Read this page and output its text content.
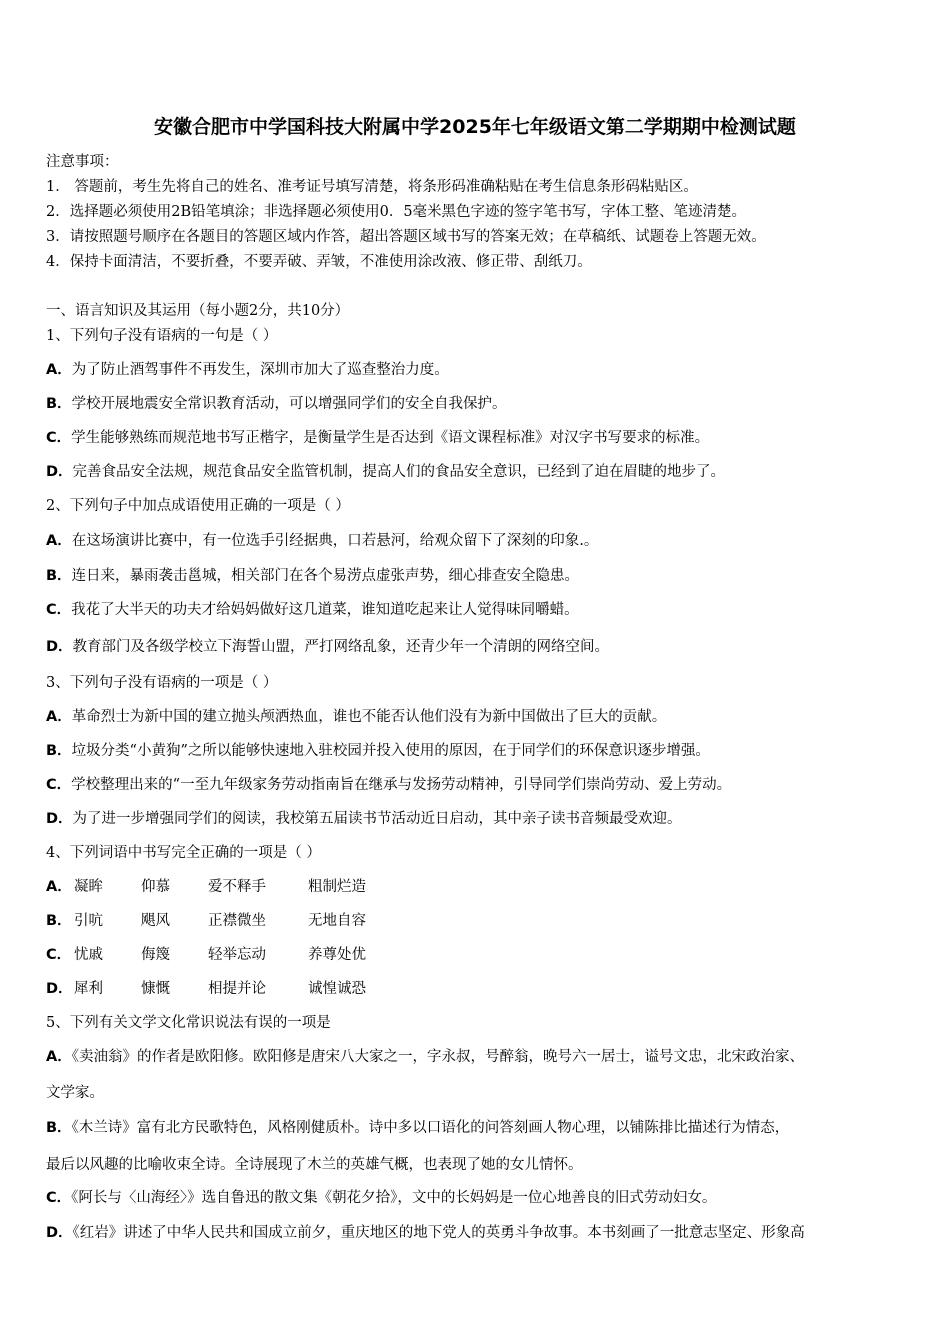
安徽合肥市中学国科技大附属中学2025年七年级语文第二学期期中检测试题
注意事项：
1． 答题前，考生先将自己的姓名、准考证号填写清楚，将条形码准确粘贴在考生信息条形码粘贴区。
2．选择题必须使用2B铅笔填涂；非选择题必须使用0．5毫米黑色字迹的签字笔书写，字体工整、笔迹清楚。
3．请按照题号顺序在各题目的答题区域内作答，超出答题区域书写的答案无效；在草稿纸、试题卷上答题无效。
4．保持卡面清洁，不要折叠，不要弄破、弄皱，不准使用涂改液、修正带、刮纸刀。
一、语言知识及其运用（每小题2分，共10分）
1、下列句子没有语病的一句是（ ）
A．为了防止酒驾事件不再发生，深圳市加大了巡查整治力度。
B．学校开展地震安全常识教育活动，可以增强同学们的安全自我保护。
C．学生能够熟练而规范地书写正楷字，是衡量学生是否达到《语文课程标准》对汉字书写要求的标准。
D．完善食品安全法规，规范食品安全监管机制，提高人们的食品安全意识，已经到了迫在眉睫的地步了。
2、下列句子中加点成语使用正确的一项是（ ）
A．在这场演讲比赛中，有一位选手引经据典，口若悬河，给观众留下了深刻的印象.。
B．连日来，暴雨袭击邕城，相关部门在各个易涝点虚张声势，细心排查安全隐患。
C．我花了大半天的功夫才给妈妈做好这几道菜，谁知道吃起来让人觉得味同嚼蜡。
D．教育部门及各级学校立下海誓山盟，严打网络乱象，还青少年一个清朗的网络空间。
3、下列句子没有语病的一项是（ ）
A．革命烈士为新中国的建立抛头颅洒热血，谁也不能否认他们没有为新中国做出了巨大的贡献。
B．垃圾分类“小黄狗”之所以能够快速地入驻校园并投入使用的原因，在于同学们的环保意识逐步增强。
C．学校整理出来的“一至九年级家务劳动指南旨在继承与发扬劳动精神，引导同学们崇尚劳动、爱上劳动。
D．为了进一步增强同学们的阅读，我校第五届读书节活动近日启动，其中亲子读书音频最受欢迎。
4、下列词语中书写完全正确的一项是（ ）
A． 凝眸	仰慕	爱不释手	粗制烂造
B． 引吭	飓风	正襟微坐	无地自容
C． 忧戚	侮篾	轻举忘动	养尊处优
D．犀利	慷慨	相提并论	诚惶诚恐
5、下列有关文学文化常识说法有误的一项是
A．《卖油翁》的作者是欧阳修。欧阳修是唐宋八大家之一，字永叔，号醉翁，晚号六一居士，谥号文忠，北宋政治家、
文学家。
B．《木兰诗》富有北方民歌特色，风格刚健质朴。诗中多以口语化的问答刻画人物心理，以铺陈排比描述行为情态，
最后以风趣的比喻收束全诗。全诗展现了木兰的英雄气概，也表现了她的女儿情怀。
C．《阿长与〈山海经〉》选自鲁迅的散文集《朝花夕拾》，文中的长妈妈是一位心地善良的旧式劳动妇女。
D．《红岩》讲述了中华人民共和国成立前夕，重庆地区的地下党人的英勇斗争故事。本书刻画了一批意志坚定、形象高
